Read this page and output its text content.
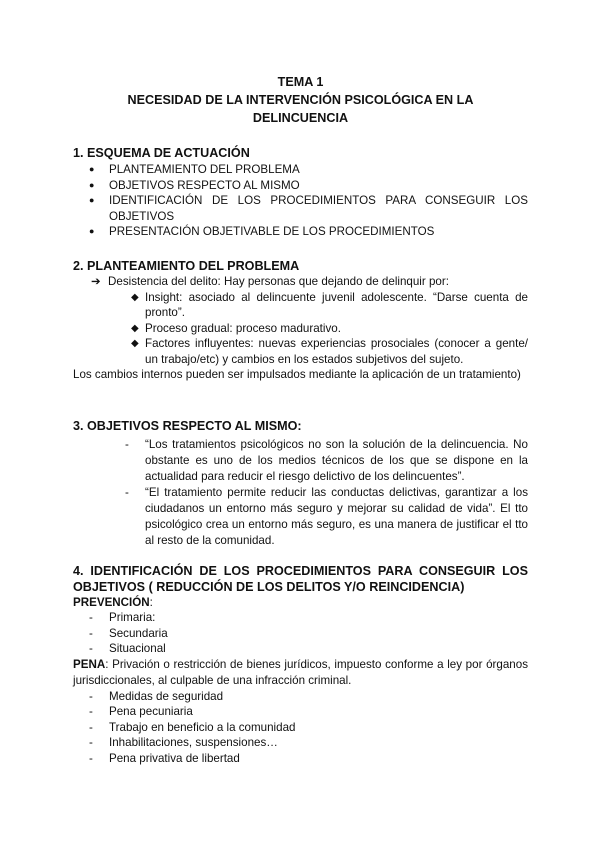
TEMA 1
NECESIDAD DE LA INTERVENCIÓN PSICOLÓGICA EN LA
DELINCUENCIA
1. ESQUEMA DE ACTUACIÓN
● PLANTEAMIENTO DEL PROBLEMA
● OBJETIVOS RESPECTO AL MISMO
● IDENTIFICACIÓN DE LOS PROCEDIMIENTOS PARA CONSEGUIR LOS OBJETIVOS
● PRESENTACIÓN OBJETIVABLE DE LOS PROCEDIMIENTOS
2. PLANTEAMIENTO DEL PROBLEMA
➔ Desistencia del delito: Hay personas que dejando de delinquir por:
◆ Insight: asociado al delincuente juvenil adolescente. “Darse cuenta de pronto”.
◆ Proceso gradual: proceso madurativo.
◆ Factores influyentes: nuevas experiencias prosociales (conocer a gente/ un trabajo/etc) y cambios en los estados subjetivos del sujeto.
Los cambios internos pueden ser impulsados mediante la aplicación de un tratamiento)
3. OBJETIVOS RESPECTO AL MISMO:
- “Los tratamientos psicológicos no son la solución de la delincuencia. No obstante es uno de los medios técnicos de los que se dispone en la actualidad para reducir el riesgo delictivo de los delincuentes”.
- “El tratamiento permite reducir las conductas delictivas, garantizar a los ciudadanos un entorno más seguro y mejorar su calidad de vida”. El tto psicológico crea un entorno más seguro, es una manera de justificar el tto al resto de la comunidad.
4. IDENTIFICACIÓN DE LOS PROCEDIMIENTOS PARA CONSEGUIR LOS OBJETIVOS ( REDUCCIÓN DE LOS DELITOS Y/O REINCIDENCIA)
PREVENCIÓN:
- Primaria:
- Secundaria
- Situacional
PENA: Privación o restricción de bienes jurídicos, impuesto conforme a ley por órganos jurisdiccionales, al culpable de una infracción criminal.
- Medidas de seguridad
- Pena pecuniaria
- Trabajo en beneficio a la comunidad
- Inhabilitaciones, suspensiones…
- Pena privativa de libertad
